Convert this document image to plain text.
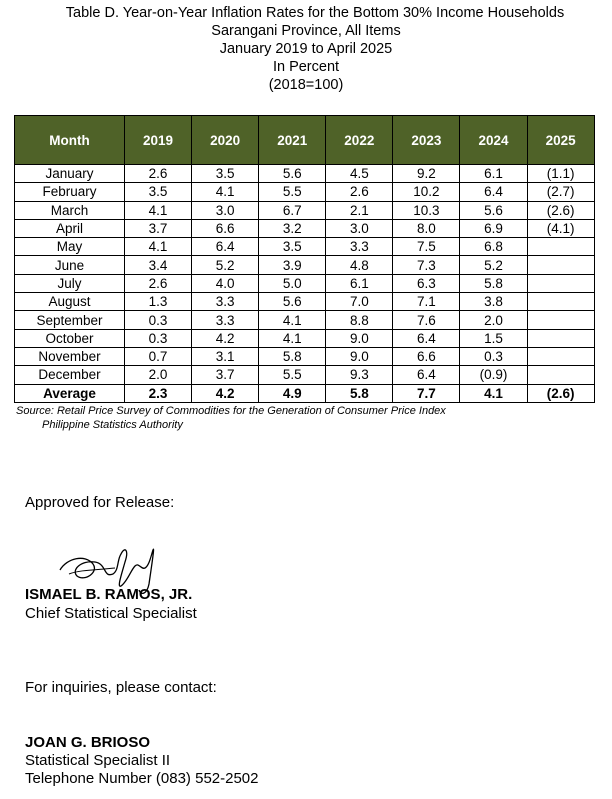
Table D. Year-on-Year Inflation Rates for the Bottom 30% Income Households
Sarangani Province, All Items
January 2019 to April 2025
In Percent
(2018=100)
Month	2019	2020	2021	2022	2023	2024	2025
January	2.6	3.5	5.6	4.5	9.2	6.1	(1.1)
February	3.5	4.1	5.5	2.6	10.2	6.4	(2.7)
March	4.1	3.0	6.7	2.1	10.3	5.6	(2.6)
April	3.7	6.6	3.2	3.0	8.0	6.9	(4.1)
May	4.1	6.4	3.5	3.3	7.5	6.8	
June	3.4	5.2	3.9	4.8	7.3	5.2	
July	2.6	4.0	5.0	6.1	6.3	5.8	
August	1.3	3.3	5.6	7.0	7.1	3.8	
September	0.3	3.3	4.1	8.8	7.6	2.0	
October	0.3	4.2	4.1	9.0	6.4	1.5	
November	0.7	3.1	5.8	9.0	6.6	0.3	
December	2.0	3.7	5.5	9.3	6.4	(0.9)	
Average	2.3	4.2	4.9	5.8	7.7	4.1	(2.6)
Source: Retail Price Survey of Commodities for the Generation of Consumer Price Index
Philippine Statistics Authority
Approved for Release:
ISMAEL B. RAMOS, JR.
Chief Statistical Specialist
For inquiries, please contact:
JOAN G. BRIOSO
Statistical Specialist II
Telephone Number (083) 552-2502
